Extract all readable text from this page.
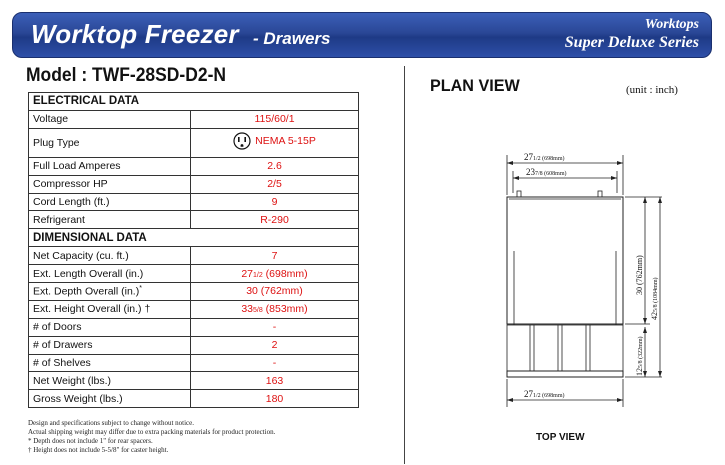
Worktop Freezer - Drawers
Worktops
Super Deluxe Series
Model : TWF-28SD-D2-N
ELECTRICAL DATA	
Voltage	115/60/1
Plug Type	NEMA 5-15P

Full Load Amperes	2.6
Compressor HP	2/5
Cord Length (ft.)	9
Refrigerant	R-290
DIMENSIONAL DATA	
Net Capacity (cu. ft.)	7
Ext. Length Overall (in.)	271/2 (698mm)
Ext. Depth Overall (in.)*	30 (762mm)
Ext. Height Overall (in.) †	335/8 (853mm)
# of Doors	-
# of Drawers	2
# of Shelves	-
Net Weight (lbs.)	163
Gross Weight (lbs.)	180
Design and specifications subject to change without notice.
Actual shipping weight may differ due to extra packing materials for product protection.
* Depth does not include 1" for rear spacers.
† Height does not include 5-5/8" for caster height.
PLAN VIEW	(unit : inch)
271/2 (698mm)
237/8 (608mm)
271/2 (698mm)
30 (762mm)
425/8 (1084mm)
125/8 (322mm)
TOP VIEW
